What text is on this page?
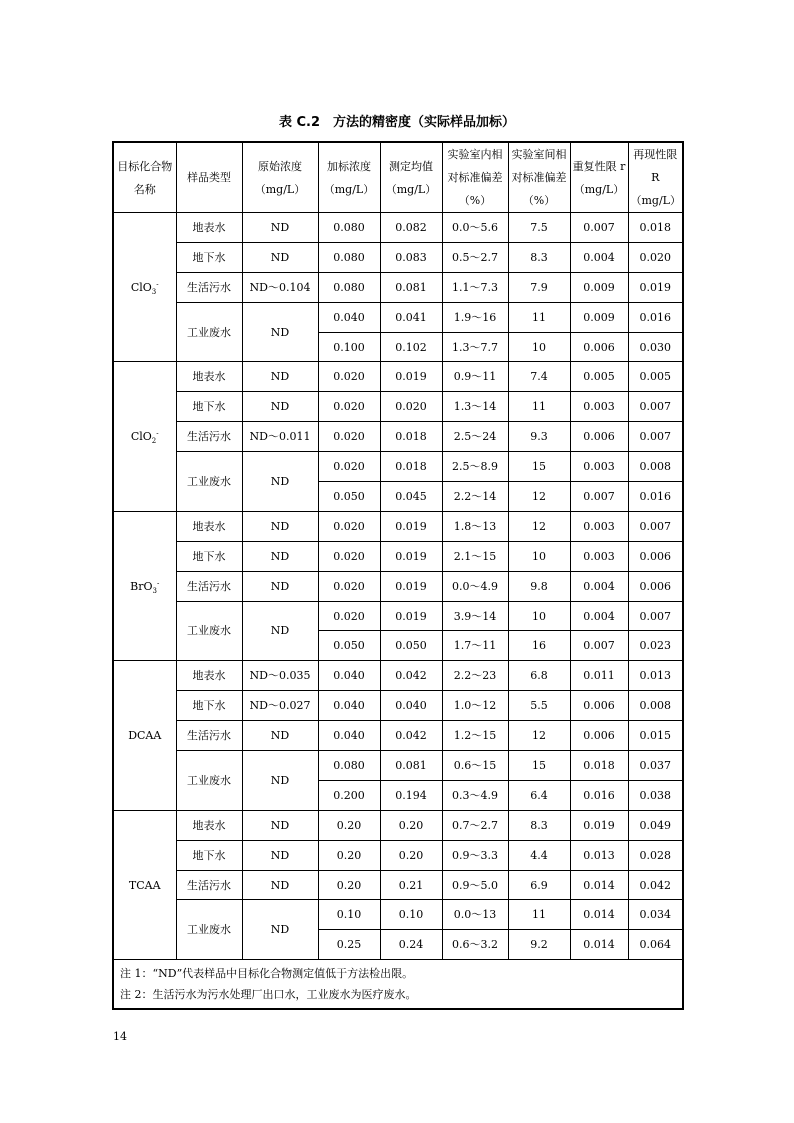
表 C.2　方法的精密度（实际样品加标）
目标化合物名称	样品类型	原始浓度（mg/L）	加标浓度（mg/L）	测定均值（mg/L）	实验室内相对标准偏差（%）	实验室间相对标准偏差（%）	重复性限 r（mg/L）	再现性限 R（mg/L）
ClO$_3$-	地表水	ND	0.080	0.082	0.0～5.6	7.5	0.007	0.018
	地下水	ND	0.080	0.083	0.5～2.7	8.3	0.004	0.020
	生活污水	ND～0.104	0.080	0.081	1.1～7.3	7.9	0.009	0.019
	工业废水	ND	0.040	0.041	1.9～16	11	0.009	0.016
			0.100	0.102	1.3～7.7	10	0.006	0.030
ClO$_2$-	地表水	ND	0.020	0.019	0.9～11	7.4	0.005	0.005
	地下水	ND	0.020	0.020	1.3～14	11	0.003	0.007
	生活污水	ND～0.011	0.020	0.018	2.5～24	9.3	0.006	0.007
	工业废水	ND	0.020	0.018	2.5～8.9	15	0.003	0.008
			0.050	0.045	2.2～14	12	0.007	0.016
BrO$_3$-	地表水	ND	0.020	0.019	1.8～13	12	0.003	0.007
	地下水	ND	0.020	0.019	2.1～15	10	0.003	0.006
	生活污水	ND	0.020	0.019	0.0～4.9	9.8	0.004	0.006
	工业废水	ND	0.020	0.019	3.9～14	10	0.004	0.007
			0.050	0.050	1.7～11	16	0.007	0.023
DCAA	地表水	ND～0.035	0.040	0.042	2.2～23	6.8	0.011	0.013
	地下水	ND～0.027	0.040	0.040	1.0～12	5.5	0.006	0.008
	生活污水	ND	0.040	0.042	1.2～15	12	0.006	0.015
	工业废水	ND	0.080	0.081	0.6～15	15	0.018	0.037
			0.200	0.194	0.3～4.9	6.4	0.016	0.038
TCAA	地表水	ND	0.20	0.20	0.7～2.7	8.3	0.019	0.049
	地下水	ND	0.20	0.20	0.9～3.3	4.4	0.013	0.028
	生活污水	ND	0.20	0.21	0.9～5.0	6.9	0.014	0.042
	工业废水	ND	0.10	0.10	0.0～13	11	0.014	0.034
			0.25	0.24	0.6～3.2	9.2	0.014	0.064

注 1：“ND”代表样品中目标化合物测定值低于方法检出限。
注 2：生活污水为污水处理厂出口水，工业废水为医疗废水。								
14
